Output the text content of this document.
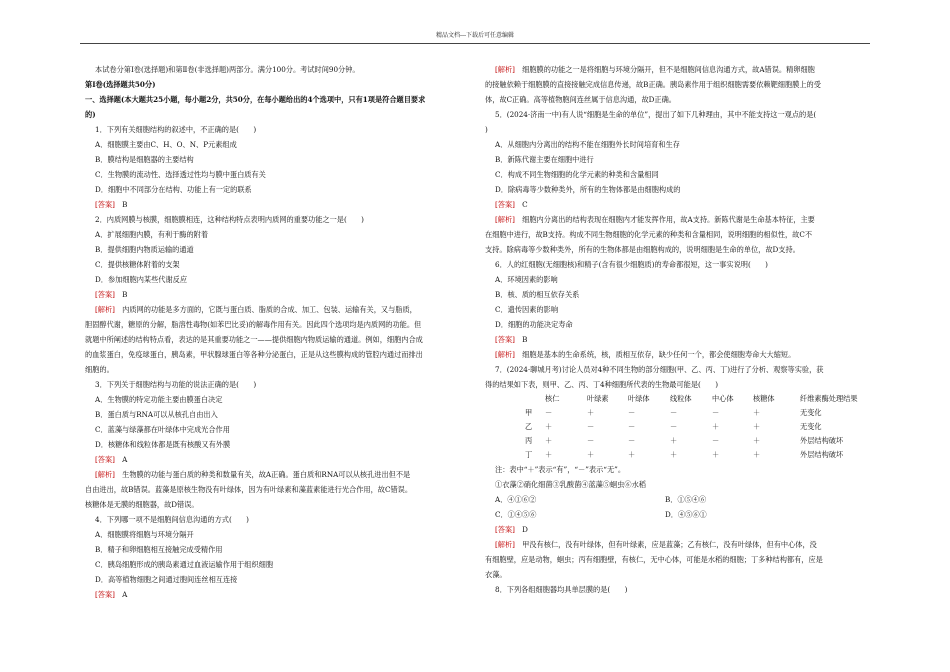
精品文档---下载后可任意编辑
本试卷分第Ⅰ卷(选择题)和第Ⅱ卷(非选择题)两部分。满分100分。考试时间90分钟。
第Ⅰ卷(选择题共50分)
一、选择题(本大题共25小题，每小题2分，共50分，在每小题给出的4个选项中，只有1项是符合题目要求
的)
1．下列有关细胞结构的叙述中，不正确的是(　　)
A．细胞膜主要由C、H、O、N、P元素组成
B．膜结构是细胞器的主要结构
C．生物膜的流动性、选择透过性均与膜中蛋白质有关
D．细胞中不同部分在结构、功能上有一定的联系
[答案]　B
2．内质网膜与核膜，细胞膜相连，这种结构特点表明内质网的重要功能之一是(　　)
A．扩展细胞内膜，有利于酶的附着
B．提供细胞内物质运输的通道
C．提供核糖体附着的支架
D．参加细胞内某些代谢反应
[答案]　B
[解析]　内质网的功能是多方面的，它既与蛋白质、脂质的合成、加工、包装、运输有关，又与脂质，
胆固醇代谢，糖原的分解，脂溶性毒物(如苯巴比妥)的解毒作用有关。因此四个选项均是内质网的功能。但
就题中所阐述的结构特点看，表达的是其重要功能之一——提供细胞内物质运输的通道。例如，细胞内合成
的血浆蛋白，免疫球蛋白，胰岛素，甲状腺球蛋白等各种分泌蛋白，正是从这些膜构成的管腔内通过而排出
细胞的。
3．下列关于细胞结构与功能的说法正确的是(　　)
A．生物膜的特定功能主要由膜蛋白决定
B．蛋白质与RNA可以从核孔自由出入
C．蓝藻与绿藻都在叶绿体中完成光合作用
D．核糖体和线粒体都是既有核酸又有外膜
[答案]　A
[解析]　生物膜的功能与蛋白质的种类和数量有关，故A正确。蛋白质和RNA可以从核孔进出但不是
自由进出，故B错误。蓝藻是原核生物没有叶绿体，因为有叶绿素和藻蓝素能进行光合作用，故C错误。
核糖体是无膜的细胞器，故D错误。
4．下列哪一项不是细胞间信息沟通的方式(　　)
A．细胞膜将细胞与环境分隔开
B．精子和卵细胞相互接触完成受精作用
C．胰岛细胞形成的胰岛素通过血液运输作用于组织细胞
D．高等植物细胞之间通过胞间连丝相互连接
[答案]　A
[解析]　细胞膜的功能之一是将细胞与环境分隔开，但不是细胞间信息沟通方式，故A错误。精卵细胞
的接触依赖于细胞膜的直接接触完成信息传递，故B正确。胰岛素作用于组织细胞需要依赖靶细胞膜上的受
体，故C正确。高等植物胞间连丝属于信息沟通，故D正确。
5．(2024·济南一中)有人说“细胞是生命的单位”，提出了如下几种理由，其中不能支持这一观点的是(
)
A．从细胞内分离出的结构不能在细胞外长时间培育和生存
B．新陈代谢主要在细胞中进行
C．构成不同生物细胞的化学元素的种类和含量相同
D．除病毒等少数种类外，所有的生物体都是由细胞构成的
[答案]　C
[解析]　细胞内分离出的结构表现在细胞内才能发挥作用，故A支持。新陈代谢是生命基本特征，主要
在细胞中进行，故B支持。构成不同生物细胞的化学元素的种类和含量相同，说明细胞的相似性，故C不
支持。除病毒等少数种类外，所有的生物体都是由细胞构成的，说明细胞是生命的单位，故D支持。
6．人的红细胞(无细胞核)和精子(含有很少细胞质)的寿命都很短，这一事实说明(　　)
A．环境因素的影响
B．核、质的相互依存关系
C．遗传因素的影响
D．细胞的功能决定寿命
[答案]　B
[解析]　细胞是基本的生命系统，核，质相互依存，缺少任何一个，都会使细胞寿命大大缩短。
7．(2024·聊城月考)讨论人员对4种不同生物的部分细胞(甲、乙、丙、丁)进行了分析、观察等实验，获
得的结果如下表，则甲、乙、丙、丁4种细胞所代表的生物最可能是(　　)
核仁	叶绿素	叶绿体	线粒体	中心体	核糖体	纤维素酶处理结果
甲 －	＋	－	－	－	＋	无变化
乙 ＋	－	－	－	＋	＋	无变化
丙 ＋	－	－	＋	－	＋	外层结构破坏
丁 ＋	＋	＋	＋	＋	＋	外层结构破坏
注：表中“＋”表示“有”，“－”表示“无”。
①衣藻②硝化细菌③乳酸菌④蓝藻⑤蛔虫⑥水稻
A．④①⑥②	B．①⑤④⑥
C．①④⑤⑥	D．④⑤⑥①
[答案]　D
[解析]　甲没有核仁，没有叶绿体，但有叶绿素，应是蓝藻；乙有核仁，没有叶绿体，但有中心体，没
有细胞壁，应是动物，蛔虫；丙有细胞壁，有核仁，无中心体，可能是水稻的细胞；丁多种结构都有，应是
衣藻。
8．下列各组细胞器均具单层膜的是(　　)
